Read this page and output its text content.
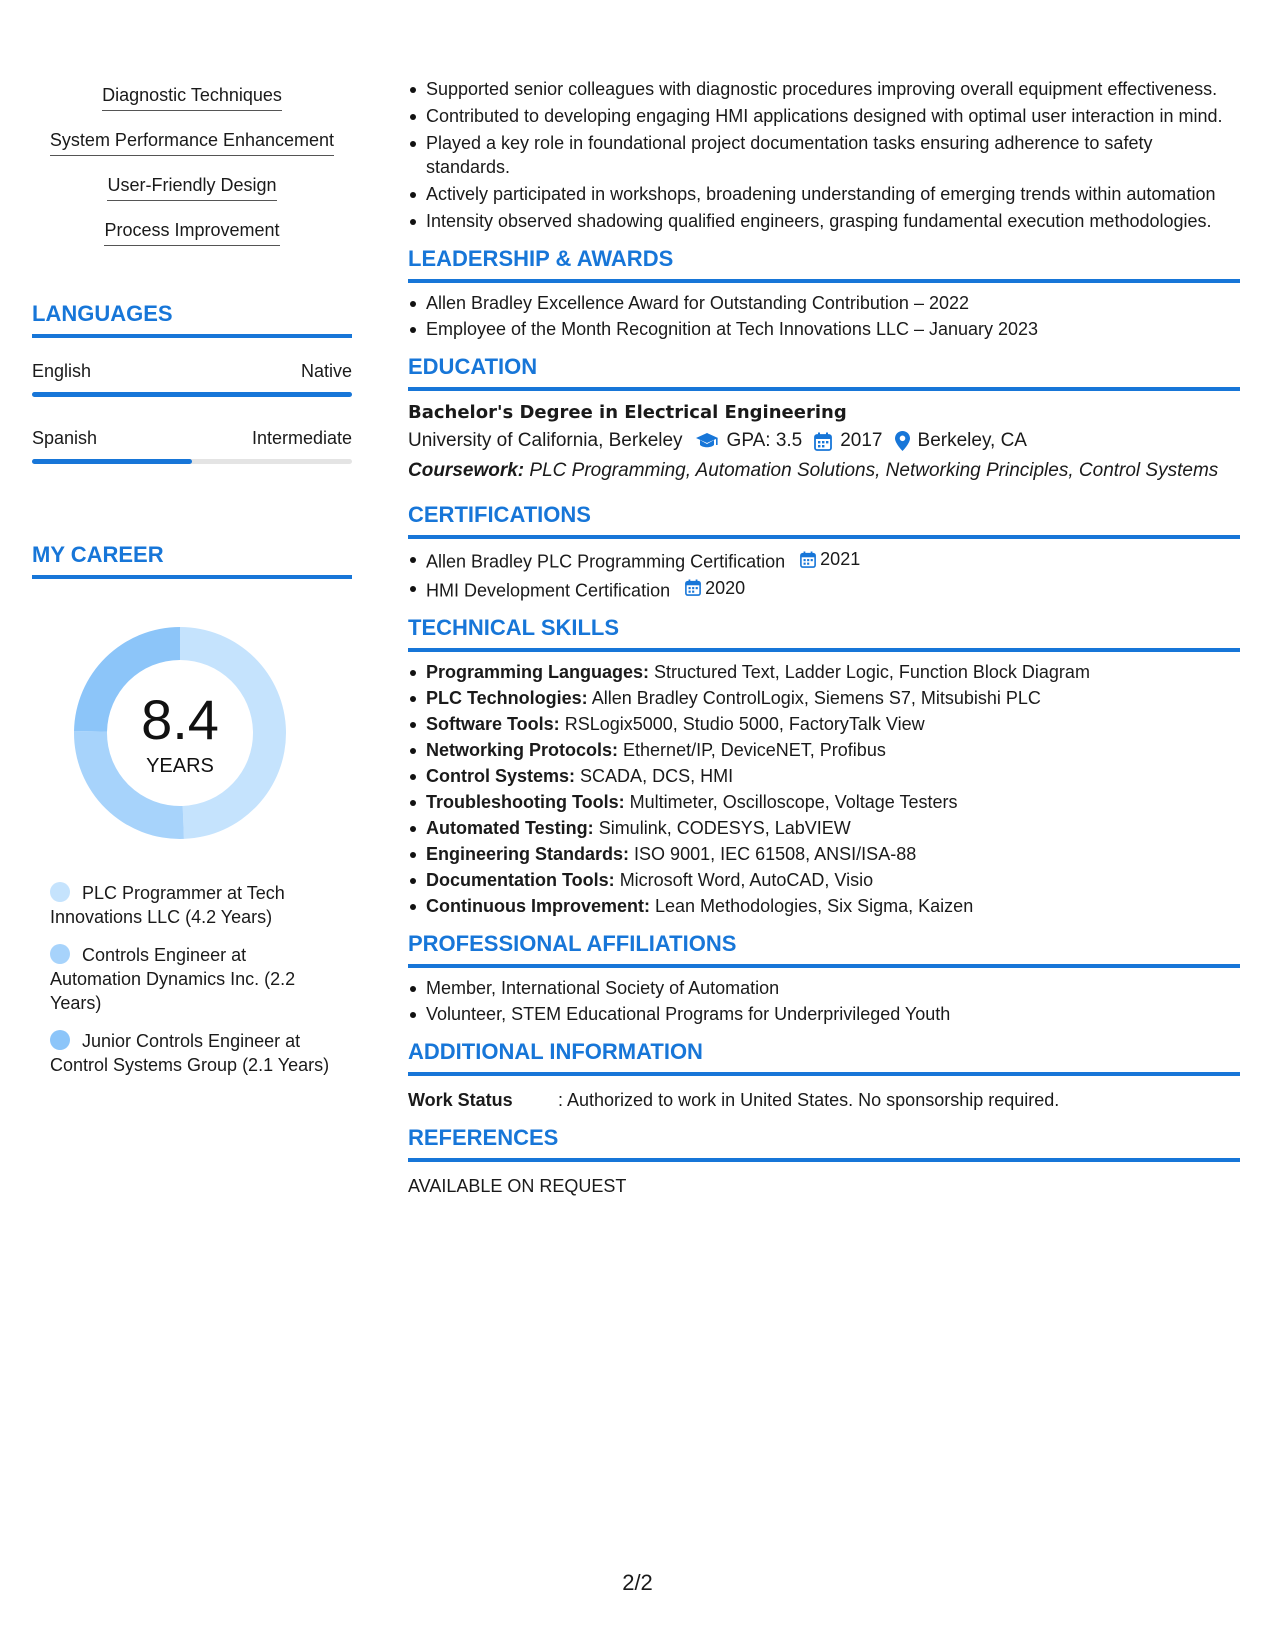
Diagnostic Techniques
System Performance Enhancement
User-Friendly Design
Process Improvement
LANGUAGES
English	Native
Spanish	Intermediate
MY CAREER
8.4
YEARS
PLC Programmer at Tech Innovations LLC (4.2 Years)
Controls Engineer at Automation Dynamics Inc. (2.2 Years)
Junior Controls Engineer at Control Systems Group (2.1 Years)
Supported senior colleagues with diagnostic procedures improving overall equipment effectiveness.
Contributed to developing engaging HMI applications designed with optimal user interaction in mind.
Played a key role in foundational project documentation tasks ensuring adherence to safety standards.
Actively participated in workshops, broadening understanding of emerging trends within automation
Intensity observed shadowing qualified engineers, grasping fundamental execution methodologies.
LEADERSHIP & AWARDS
Allen Bradley Excellence Award for Outstanding Contribution – 2022
Employee of the Month Recognition at Tech Innovations LLC – January 2023
EDUCATION
Bachelor's Degree in Electrical Engineering
University of California, Berkeley GPA: 3.5 2017 Berkeley, CA
Coursework: PLC Programming, Automation Solutions, Networking Principles, Control Systems
CERTIFICATIONS
Allen Bradley PLC Programming Certification 2021
HMI Development Certification 2020
TECHNICAL SKILLS
Programming Languages: Structured Text, Ladder Logic, Function Block Diagram
PLC Technologies: Allen Bradley ControlLogix, Siemens S7, Mitsubishi PLC
Software Tools: RSLogix5000, Studio 5000, FactoryTalk View
Networking Protocols: Ethernet/IP, DeviceNET, Profibus
Control Systems: SCADA, DCS, HMI
Troubleshooting Tools: Multimeter, Oscilloscope, Voltage Testers
Automated Testing: Simulink, CODESYS, LabVIEW
Engineering Standards: ISO 9001, IEC 61508, ANSI/ISA-88
Documentation Tools: Microsoft Word, AutoCAD, Visio
Continuous Improvement: Lean Methodologies, Six Sigma, Kaizen
PROFESSIONAL AFFILIATIONS
Member, International Society of Automation
Volunteer, STEM Educational Programs for Underprivileged Youth
ADDITIONAL INFORMATION
Work Status	: Authorized to work in United States. No sponsorship required.
REFERENCES
AVAILABLE ON REQUEST
2/2
